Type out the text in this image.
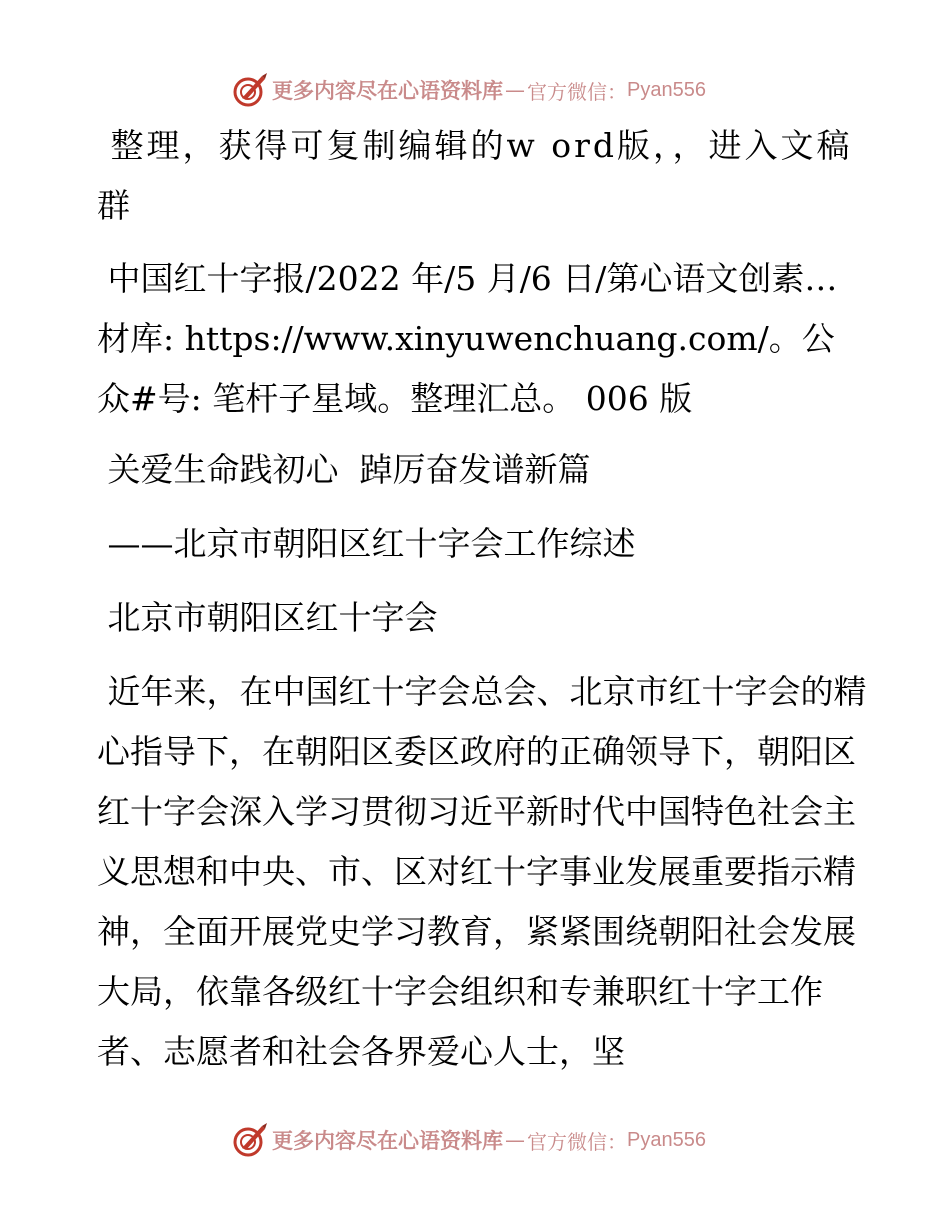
更多内容尽在心语资料库 — 官方微信： Pyan556
整理，获得可复制编辑的w ord版，，进入文稿群
中国红十字报/2022 年/5 月/6 日/第心语文创素…材库: https://www.xinyuwenchuang.com/。公众#号: 笔杆子星域。整理汇总。 006 版
关爱生命践初心  踔厉奋发谱新篇
——北京市朝阳区红十字会工作综述
北京市朝阳区红十字会
近年来，在中国红十字会总会、北京市红十字会的精心指导下，在朝阳区委区政府的正确领导下，朝阳区红十字会深入学习贯彻习近平新时代中国特色社会主义思想和中央、市、区对红十字事业发展重要指示精神，全面开展党史学习教育，紧紧围绕朝阳社会发展大局，依靠各级红十字会组织和专兼职红十字工作者、志愿者和社会各界爱心人士，坚
更多内容尽在心语资料库 — 官方微信： Pyan556
